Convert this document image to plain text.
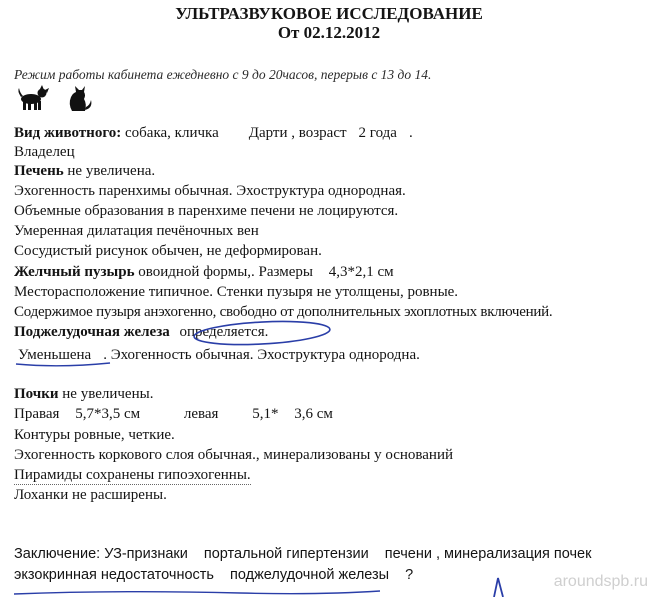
УЛЬТРАЗВУКОВОЕ ИССЛЕДОВАНИЕ
От 02.12.2012
Режим работы кабинета ежедневно с 9 до 20часов, перерыв с 13 до 14.
Вид животного: собака, кличка Дарти , возраст 2 года .
Владелец
Печень не увеличена.
Эхогенность паренхимы обычная. Эхоструктура однородная.
Объемные образования в паренхиме печени не лоцируются.
Умеренная дилатация печёночных вен
Сосудистый рисунок обычен, не деформирован.
Желчный пузырь овоидной формы,. Размеры 4,3*2,1 см
Месторасположение типичное. Стенки пузыря не утолщены, ровные.
Содержимое пузыря анэхогенно, свободно от дополнительных эхоплотных включений.
Поджелудочная железа определяется.
Уменьшена . Эхогенность обычная. Эхоструктура однородна.
Почки не увеличены.
Правая 5,7*3,5 см	левая 5,1* 3,6 см
Контуры ровные, четкие.
Эхогенность коркового слоя обычная., минерализованы у оснований
Пирамиды сохранены гипоэхогенны.
Лоханки не расширены.
Заключение: УЗ-признаки портальной гипертензии печени , минерализация почек
экзокринная недостаточность поджелудочной железы ?	aroundspb.ru
